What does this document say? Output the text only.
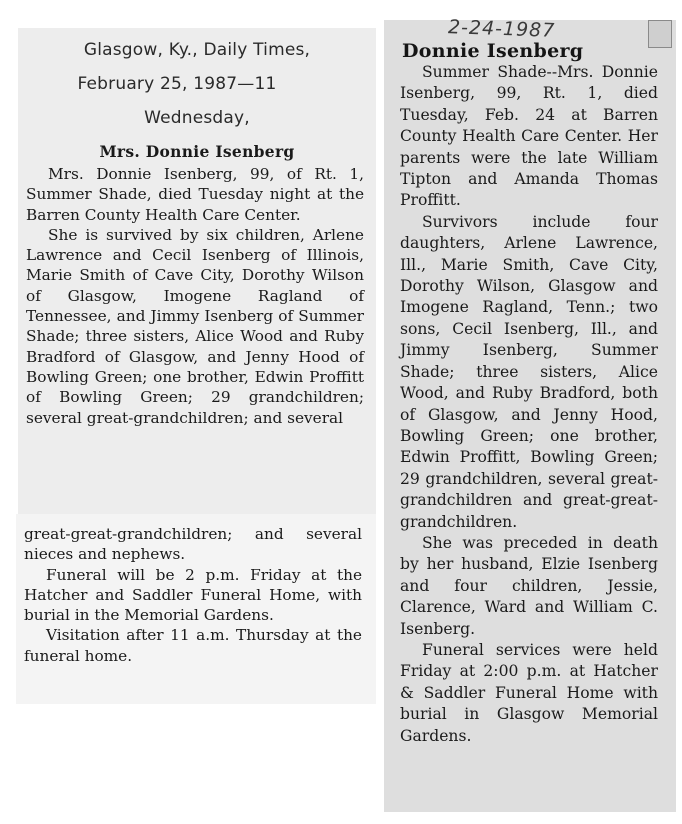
Glasgow, Ky., Daily Times,
February 25, 1987—11
Wednesday,
Mrs. Donnie Isenberg

Mrs. Donnie Isenberg, 99, of Rt. 1, Summer Shade, died Tuesday night at the Barren County Health Care Center.

She is survived by six children, Arlene Lawrence and Cecil Isenberg of Illinois, Marie Smith of Cave City, Dorothy Wilson of Glasgow, Imogene Ragland of Tennessee, and Jimmy Isenberg of Summer Shade; three sisters, Alice Wood and Ruby Bradford of Glasgow, and Jenny Hood of Bowling Green; one brother, Edwin Proffitt of Bowling Green; 29 grandchildren; several great-grandchildren; and several

great-great-grandchildren; and several nieces and nephews.

Funeral will be 2 p.m. Friday at the Hatcher and Saddler Funeral Home, with burial in the Memorial Gardens.

Visitation after 11 a.m. Thursday at the funeral home.

2-24-1987
Donnie Isenberg

Summer Shade--Mrs. Donnie Isenberg, 99, Rt. 1, died Tuesday, Feb. 24 at Barren County Health Care Center. Her parents were the late William Tipton and Amanda Thomas Proffitt.

Survivors include four daughters, Arlene Lawrence, Ill., Marie Smith, Cave City, Dorothy Wilson, Glasgow and Imogene Ragland, Tenn.; two sons, Cecil Isenberg, Ill., and Jimmy Isenberg, Summer Shade; three sisters, Alice Wood, and Ruby Bradford, both of Glasgow, and Jenny Hood, Bowling Green; one brother, Edwin Proffitt, Bowling Green; 29 grandchildren, several great-grandchildren and great-great-grandchildren.

She was preceded in death by her husband, Elzie Isenberg and four children, Jessie, Clarence, Ward and William C. Isenberg.

Funeral services were held Friday at 2:00 p.m. at Hatcher & Saddler Funeral Home with burial in Glasgow Memorial Gardens.
